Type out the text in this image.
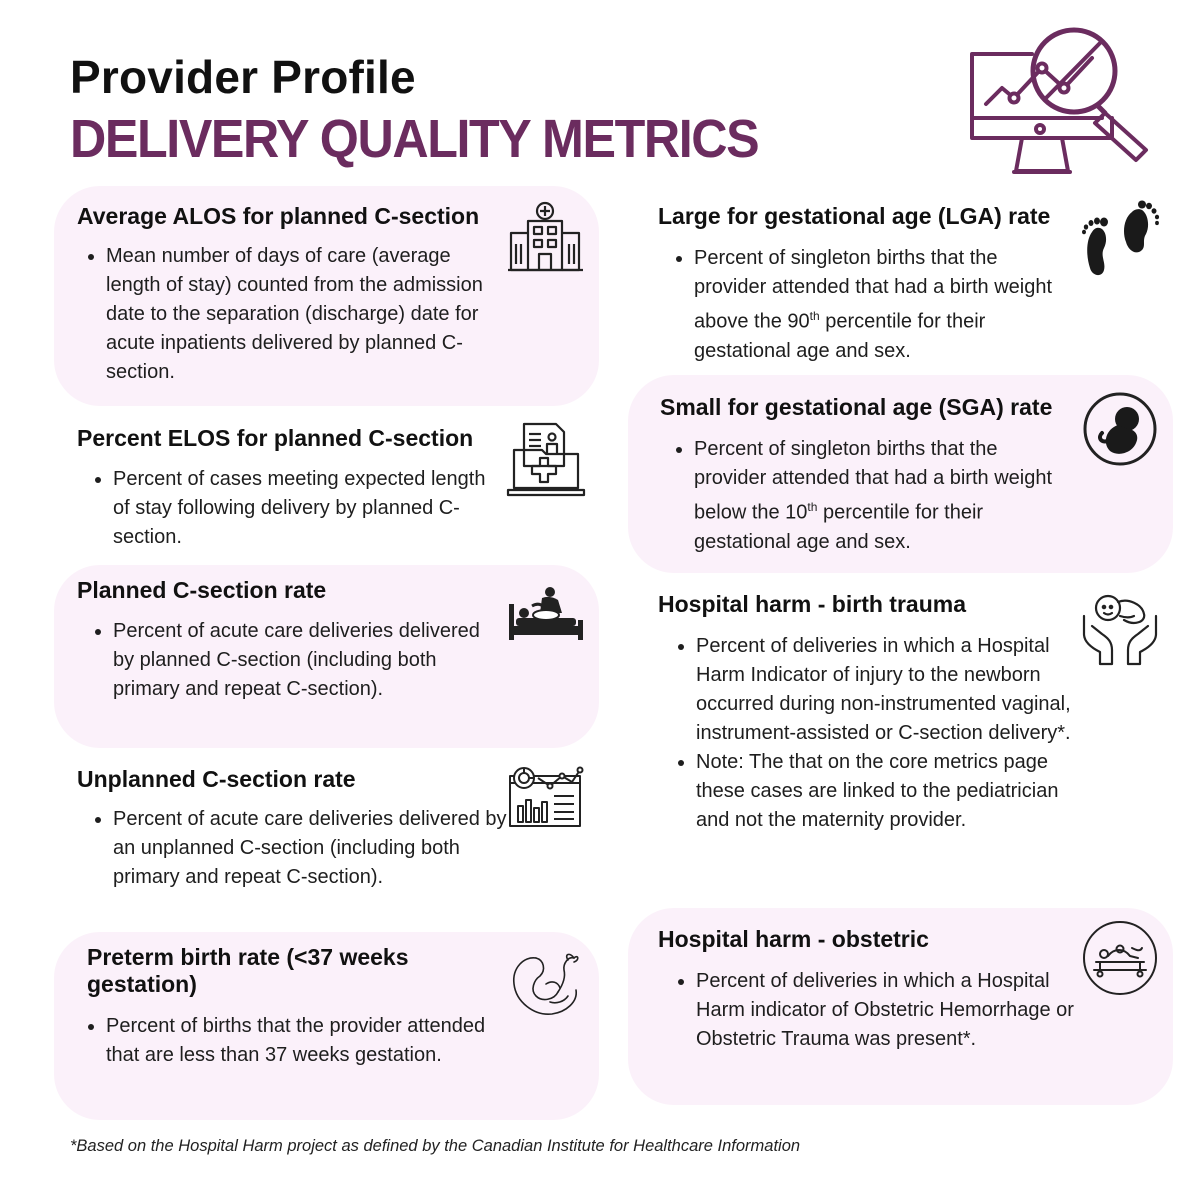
Provider Profile
DELIVERY QUALITY METRICS
Average ALOS for planned C-section
• Mean number of days of care (average length of stay) counted from the admission date to the separation (discharge) date for acute inpatients delivered by planned C-section.
Percent ELOS for planned C-section
• Percent of cases meeting expected length of stay following delivery by planned C-section.
Planned C-section rate
• Percent of acute care deliveries delivered by planned C-section (including both primary and repeat C-section).
Unplanned C-section rate
• Percent of acute care deliveries delivered by an unplanned C-section (including both primary and repeat C-section).
Preterm birth rate (<37 weeks gestation)
• Percent of births that the provider attended that are less than 37 weeks gestation.
Large for gestational age (LGA) rate
• Percent of singleton births that the provider attended that had a birth weight above the 90th percentile for their gestational age and sex.
Small for gestational age (SGA) rate
• Percent of singleton births that the provider attended that had a birth weight below the 10th percentile for their gestational age and sex.
Hospital harm - birth trauma
• Percent of deliveries in which a Hospital Harm Indicator of injury to the newborn occurred during non-instrumented vaginal, instrument-assisted or C-section delivery*.
• Note: The that on the core metrics page these cases are linked to the pediatrician and not the maternity provider.
Hospital harm - obstetric
• Percent of deliveries in which a Hospital Harm indicator of Obstetric Hemorrhage or Obstetric Trauma was present*.
*Based on the Hospital Harm project as defined by the Canadian Institute for Healthcare Information
